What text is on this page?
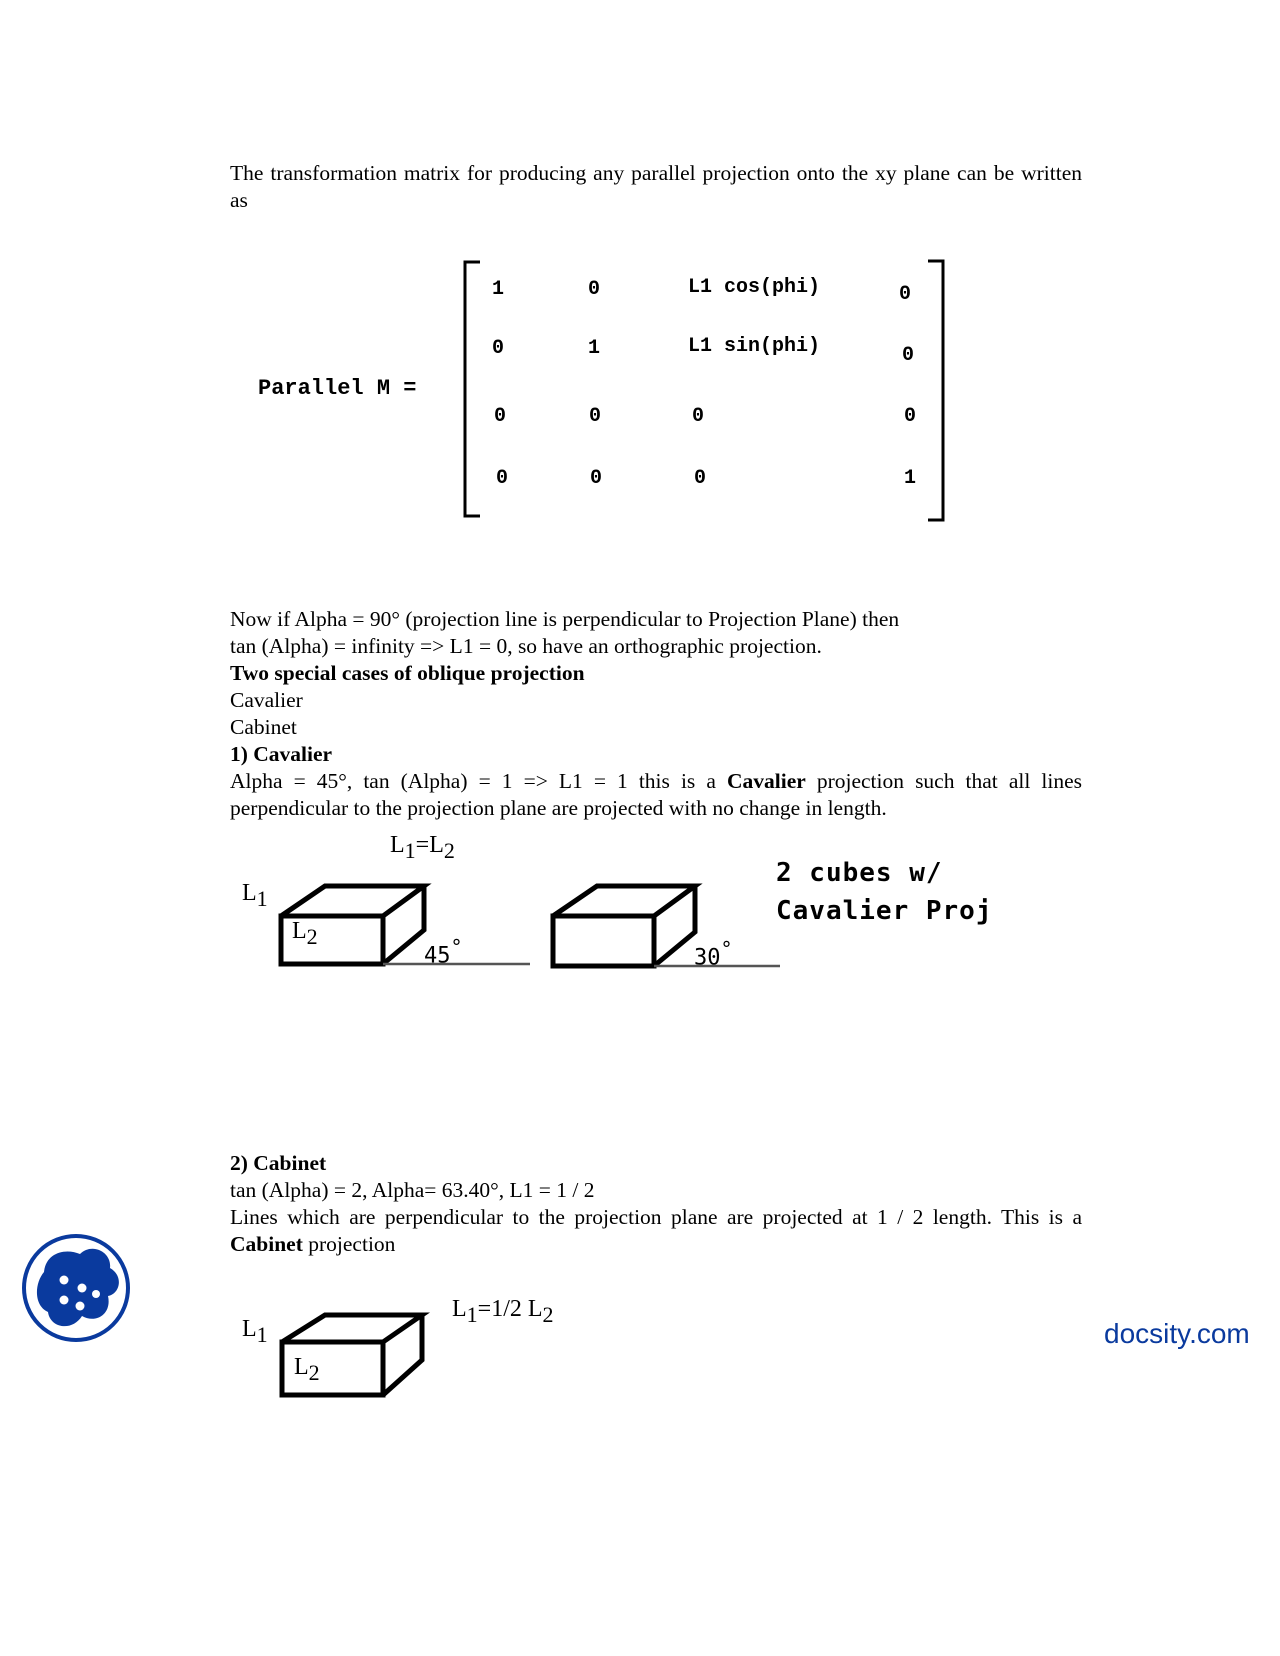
The transformation matrix for producing any parallel projection onto the xy plane can be written as

Parallel M =
1	0	L1 cos(phi)	0
0	1	L1 sin(phi)	0
0	0	0	0
0	0	0	1

Now if Alpha = 90° (projection line is perpendicular to Projection Plane) then

tan (Alpha) = infinity => L1 = 0, so have an orthographic projection.

Two special cases of oblique projection

Cavalier

Cabinet

1) Cavalier

Alpha = 45°, tan (Alpha) = 1 => L1 = 1 this is a Cavalier projection such that all lines perpendicular to the projection plane are projected with no change in length.

$L_1=L_2$
$L_1$
$L_2$
45°	30°
2 cubes w/
Cavalier Proj

2) Cabinet

tan (Alpha) = 2, Alpha= 63.40°, L1 = 1 / 2

Lines which are perpendicular to the projection plane are projected at 1 / 2 length. This is a Cabinet projection

$L_1=1/2$ $L_2$
$L_1$
$L_2$
docsity.com
